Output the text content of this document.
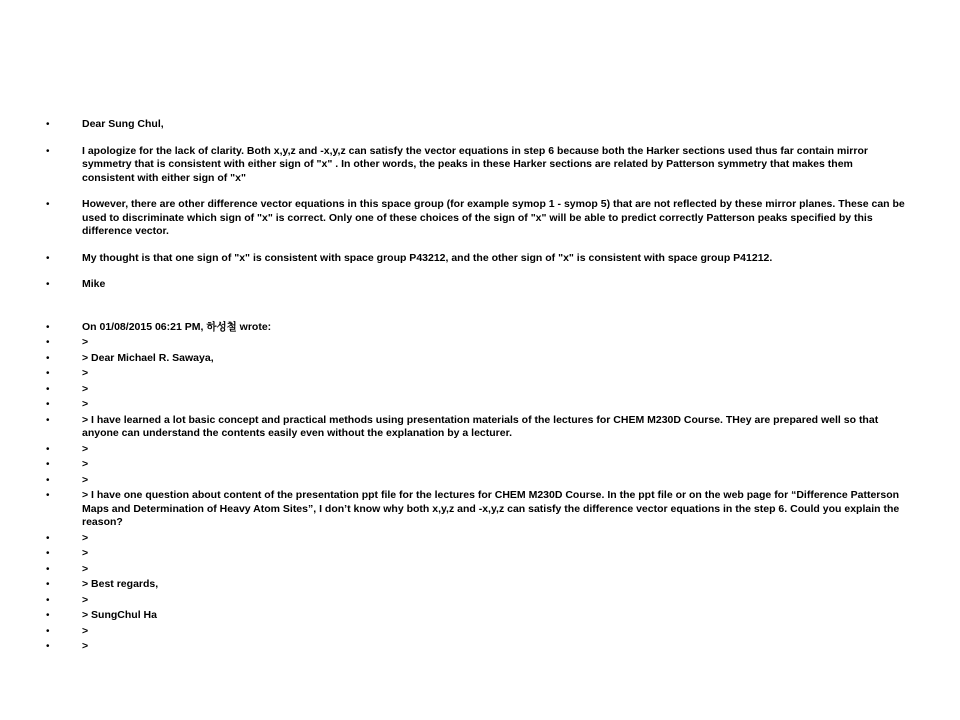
•	Dear Sung Chul,
•	I apologize for the lack of clarity. Both x,y,z and -x,y,z can satisfy the vector equations in step 6 because both the Harker sections used thus far contain mirror symmetry that is consistent with either sign of "x" . In other words, the peaks in these Harker sections are related by Patterson symmetry that makes them consistent with either sign of "x"
•	However, there are other difference vector equations in this space group (for example symop 1 - symop 5) that are not reflected by these mirror planes. These can be used to discriminate which sign of "x" is correct. Only one of these choices of the sign of "x" will be able to predict correctly Patterson peaks specified by this difference vector.
•	My thought is that one sign of "x" is consistent with space group P43212, and the other sign of "x" is consistent with space group P41212.
•	Mike
•	On 01/08/2015 06:21 PM, 하성철 wrote:
•	>
•	> Dear Michael R. Sawaya,
•	>
•	>
•	>
•	> I have learned a lot basic concept and practical methods using presentation materials of the lectures for CHEM M230D Course. THey are prepared well so that anyone can understand the contents easily even without the explanation by a lecturer.
•	>
•	>
•	>
•	> I have one question about content of the presentation ppt file for the lectures for CHEM M230D Course. In the ppt file or on the web page for “Difference Patterson Maps and Determination of Heavy Atom Sites”, I don’t know why both x,y,z and -x,y,z can satisfy the difference vector equations in the step 6. Could you explain the reason?
•	>
•	>
•	>
•	> Best regards,
•	>
•	> SungChul Ha
•	>
•	>
